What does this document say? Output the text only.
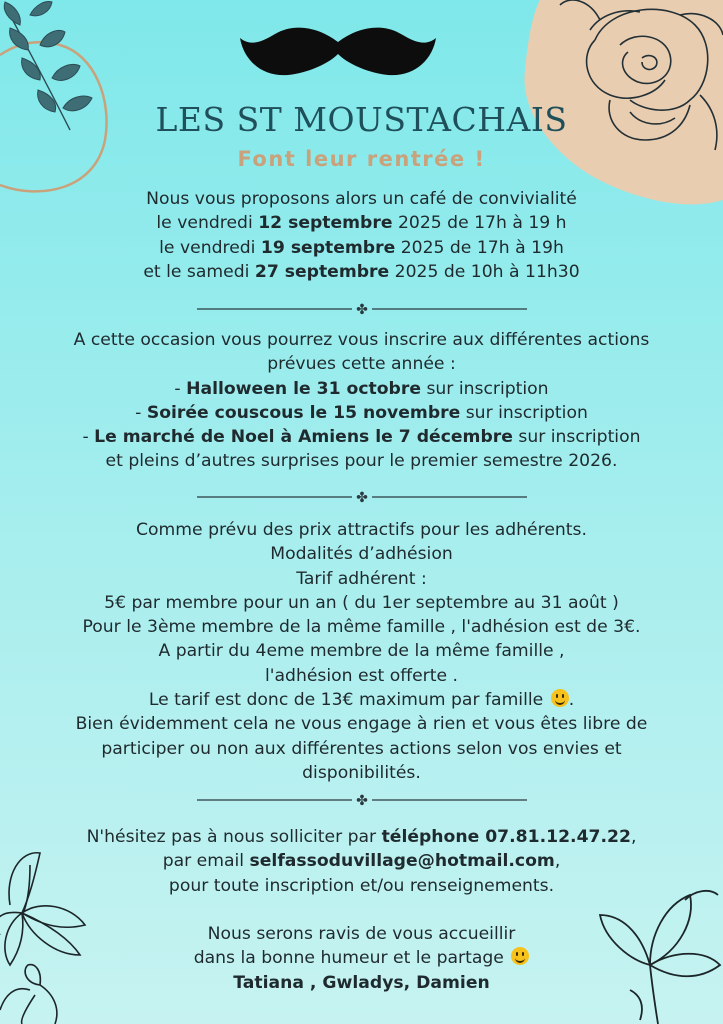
LES ST MOUSTACHAIS
Font leur rentrée !
Nous vous proposons alors un café de convivialité
le vendredi 12 septembre 2025 de 17h à 19 h
le vendredi 19 septembre 2025 de 17h à 19h
et le samedi 27 septembre 2025 de 10h à 11h30
✤
A cette occasion vous pourrez vous inscrire aux différentes actions
prévues cette année :
- Halloween le 31 octobre sur inscription
- Soirée couscous le 15 novembre sur inscription
- Le marché de Noel à Amiens le 7 décembre sur inscription
et pleins d’autres surprises pour le premier semestre 2026.
✤
Comme prévu des prix attractifs pour les adhérents.
Modalités d’adhésion
Tarif adhérent :
5€ par membre pour un an ( du 1er septembre au 31 août )
Pour le 3ème membre de la même famille , l'adhésion est de 3€.
A partir du 4eme membre de la même famille ,
l'adhésion est offerte .
Le tarif est donc de 13€ maximum par famille .
Bien évidemment cela ne vous engage à rien et vous êtes libre de
participer ou non aux différentes actions selon vos envies et
disponibilités.
✤
N'hésitez pas à nous solliciter par téléphone 07.81.12.47.22,
par email selfassoduvillage@hotmail.com,
pour toute inscription et/ou renseignements.
Nous serons ravis de vous accueillir
dans la bonne humeur et le partage
Tatiana , Gwladys, Damien
